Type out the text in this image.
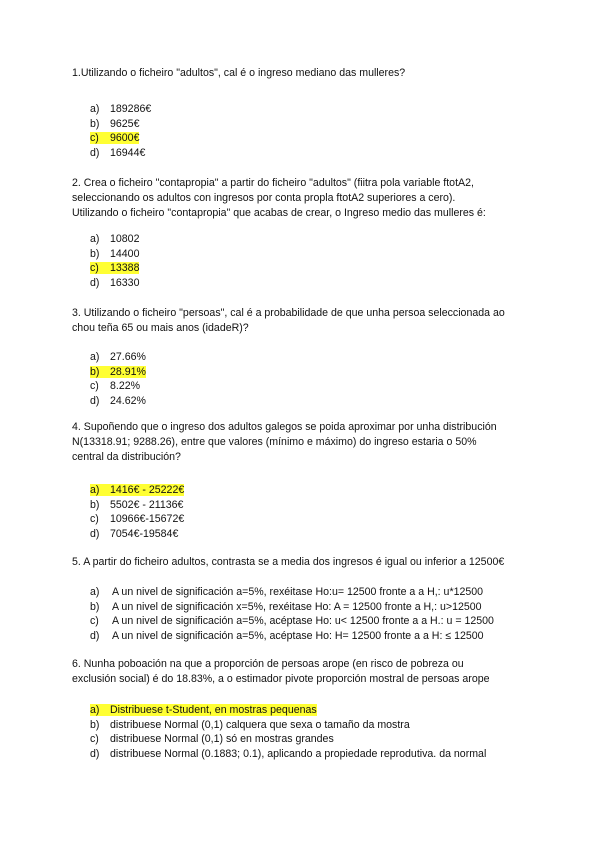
1.Utilizando o ficheiro "adultos", cal é o ingreso mediano das mulleres?

a) 189286€
b) 9625€
c) 9600€
d) 16944€

2. Crea o ficheiro "contapropia" a partir do ficheiro "adultos" (fiitra pola variable ftotA2,

seleccionando os adultos con ingresos por conta propla ftotA2 superiores a cero).

Utilizando o ficheiro "contapropia" que acabas de crear, o Ingreso medio das mulleres é:

a) 10802
b) 14400
c) 13388
d) 16330

3. Utilizando o ficheiro "persoas", cal é a probabilidade de que unha persoa seleccionada ao

chou teña 65 ou mais anos (idadeR)?

a) 27.66%
b) 28.91%
c) 8.22%
d) 24.62%

4. Supoñendo que o ingreso dos adultos galegos se poida aproximar por unha distribución

N(13318.91; 9288.26), entre que valores (mínimo e máximo) do ingreso estaria o 50%

central da distribución?

a) 1416€ - 25222€
b) 5502€ - 21136€
c) 10966€-15672€
d) 7054€-19584€

5. A partir do ficheiro adultos, contrasta se a media dos ingresos é igual ou inferior a 12500€

a) A un nivel de significación a=5%, rexéitase Ho:u= 12500 fronte a a H,: u*12500
b) A un nivel de significación x=5%, rexéitase Ho: A = 12500 fronte a H,: u>12500
c) A un nivel de significación a=5%, acéptase Ho: u< 12500 fronte a a H.: u = 12500
d) A un nivel de significación a=5%, acéptase Ho: H= 12500 fronte a a H: ≤ 12500

6. Nunha poboación na que a proporción de persoas arope (en risco de pobreza ou

exclusión social) é do 18.83%, a o estimador pivote proporción mostral de persoas arope

a) Distribuese t-Student, en mostras pequenas
b) distribuese Normal (0,1) calquera que sexa o tamaño da mostra
c) distribuese Normal (0,1) só en mostras grandes
d) distribuese Normal (0.1883; 0.1), aplicando a propiedade reprodutiva. da normal
